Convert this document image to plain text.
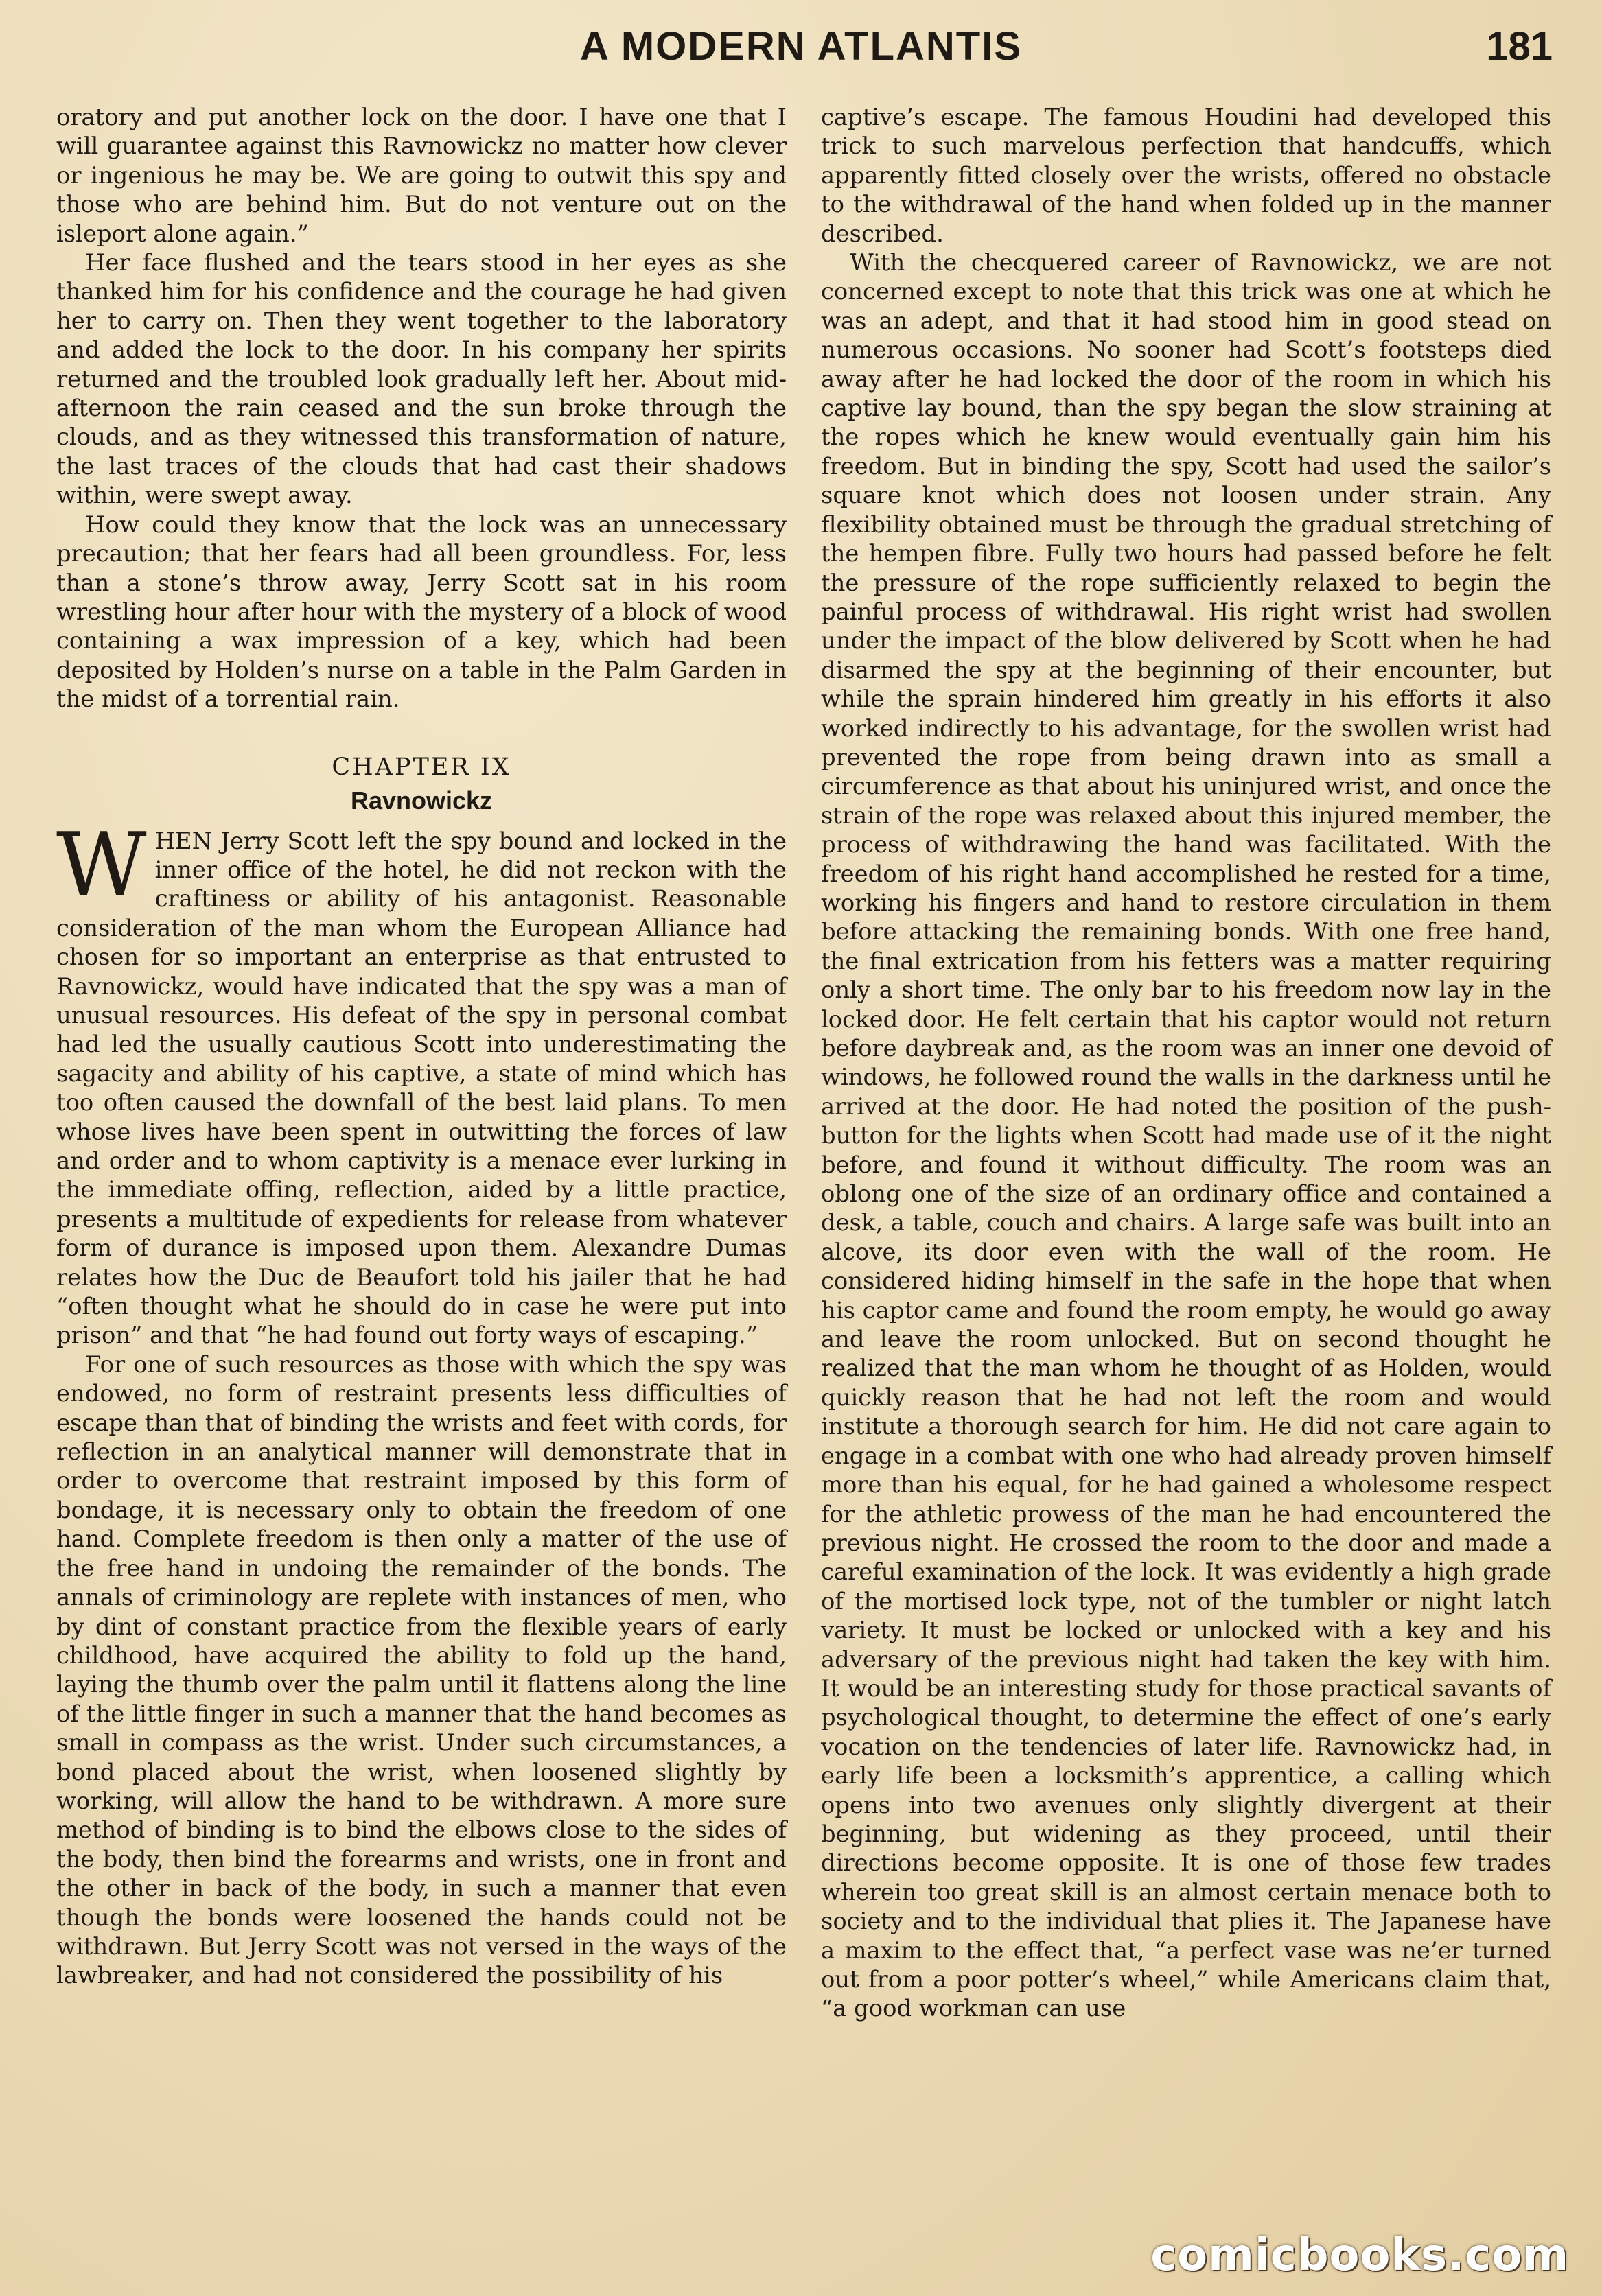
A MODERN ATLANTIS	181

oratory and put another lock on the door. I have one that I will guarantee against this Ravnowickz no matter how clever or ingenious he may be. We are going to outwit this spy and those who are behind him. But do not venture out on the isleport alone again.”

Her face flushed and the tears stood in her eyes as she thanked him for his confidence and the courage he had given her to carry on. Then they went together to the laboratory and added the lock to the door. In his company her spirits returned and the troubled look gradually left her. About mid-afternoon the rain ceased and the sun broke through the clouds, and as they witnessed this transformation of nature, the last traces of the clouds that had cast their shadows within, were swept away.

How could they know that the lock was an unnecessary precaution; that her fears had all been groundless. For, less than a stone’s throw away, Jerry Scott sat in his room wrestling hour after hour with the mystery of a block of wood containing a wax impression of a key, which had been deposited by Holden’s nurse on a table in the Palm Garden in the midst of a torrential rain.

CHAPTER IX
Ravnowickz

WHEN Jerry Scott left the spy bound and locked in the inner office of the hotel, he did not reckon with the craftiness or ability of his antagonist. Reasonable consideration of the man whom the European Alliance had chosen for so important an enterprise as that entrusted to Ravnowickz, would have indicated that the spy was a man of unusual resources. His defeat of the spy in personal combat had led the usually cautious Scott into underestimating the sagacity and ability of his captive, a state of mind which has too often caused the downfall of the best laid plans. To men whose lives have been spent in outwitting the forces of law and order and to whom captivity is a menace ever lurking in the immediate offing, reflection, aided by a little practice, presents a multitude of expedients for release from whatever form of durance is imposed upon them. Alexandre Dumas relates how the Duc de Beaufort told his jailer that he had “often thought what he should do in case he were put into prison” and that “he had found out forty ways of escaping.”

For one of such resources as those with which the spy was endowed, no form of restraint presents less difficulties of escape than that of binding the wrists and feet with cords, for reflection in an analytical manner will demonstrate that in order to overcome that restraint imposed by this form of bondage, it is necessary only to obtain the freedom of one hand. Complete freedom is then only a matter of the use of the free hand in undoing the remainder of the bonds. The annals of criminology are replete with instances of men, who by dint of constant practice from the flexible years of early childhood, have acquired the ability to fold up the hand, laying the thumb over the palm until it flattens along the line of the little finger in such a manner that the hand becomes as small in compass as the wrist. Under such circumstances, a bond placed about the wrist, when loosened slightly by working, will allow the hand to be withdrawn. A more sure method of binding is to bind the elbows close to the sides of the body, then bind the forearms and wrists, one in front and the other in back of the body, in such a manner that even though the bonds were loosened the hands could not be withdrawn. But Jerry Scott was not versed in the ways of the lawbreaker, and had not considered the possibility of his

captive’s escape. The famous Houdini had developed this trick to such marvelous perfection that handcuffs, which apparently fitted closely over the wrists, offered no obstacle to the withdrawal of the hand when folded up in the manner described.

With the checquered career of Ravnowickz, we are not concerned except to note that this trick was one at which he was an adept, and that it had stood him in good stead on numerous occasions. No sooner had Scott’s footsteps died away after he had locked the door of the room in which his captive lay bound, than the spy began the slow straining at the ropes which he knew would eventually gain him his freedom. But in binding the spy, Scott had used the sailor’s square knot which does not loosen under strain. Any flexibility obtained must be through the gradual stretching of the hempen fibre. Fully two hours had passed before he felt the pressure of the rope sufficiently relaxed to begin the painful process of withdrawal. His right wrist had swollen under the impact of the blow delivered by Scott when he had disarmed the spy at the beginning of their encounter, but while the sprain hindered him greatly in his efforts it also worked indirectly to his advantage, for the swollen wrist had prevented the rope from being drawn into as small a circumference as that about his uninjured wrist, and once the strain of the rope was relaxed about this injured member, the process of withdrawing the hand was facilitated. With the freedom of his right hand accomplished he rested for a time, working his fingers and hand to restore circulation in them before attacking the remaining bonds. With one free hand, the final extrication from his fetters was a matter requiring only a short time. The only bar to his freedom now lay in the locked door. He felt certain that his captor would not return before daybreak and, as the room was an inner one devoid of windows, he followed round the walls in the darkness until he arrived at the door. He had noted the position of the push-button for the lights when Scott had made use of it the night before, and found it without difficulty. The room was an oblong one of the size of an ordinary office and contained a desk, a table, couch and chairs. A large safe was built into an alcove, its door even with the wall of the room. He considered hiding himself in the safe in the hope that when his captor came and found the room empty, he would go away and leave the room unlocked. But on second thought he realized that the man whom he thought of as Holden, would quickly reason that he had not left the room and would institute a thorough search for him. He did not care again to engage in a combat with one who had already proven himself more than his equal, for he had gained a wholesome respect for the athletic prowess of the man he had encountered the previous night. He crossed the room to the door and made a careful examination of the lock. It was evidently a high grade of the mortised lock type, not of the tumbler or night latch variety. It must be locked or unlocked with a key and his adversary of the previous night had taken the key with him. It would be an interesting study for those practical savants of psychological thought, to determine the effect of one’s early vocation on the tendencies of later life. Ravnowickz had, in early life been a locksmith’s apprentice, a calling which opens into two avenues only slightly divergent at their beginning, but widening as they proceed, until their directions become opposite. It is one of those few trades wherein too great skill is an almost certain menace both to society and to the individual that plies it. The Japanese have a maxim to the effect that, “a perfect vase was ne’er turned out from a poor potter’s wheel,” while Americans claim that, “a good workman can use

comicbooks.com
